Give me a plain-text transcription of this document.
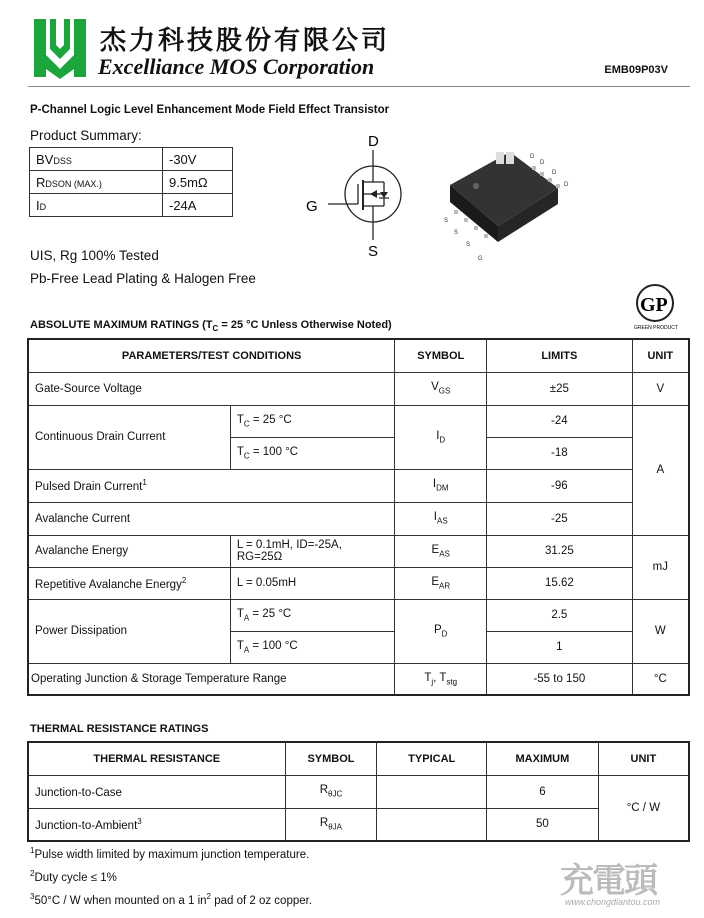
杰力科技股份有限公司
Excelliance MOS Corporation	EMB09P03V
P-Channel Logic Level Enhancement Mode Field Effect Transistor
Product Summary:
BVDSS	-30V
RDSON (MAX.)	9.5mΩ
ID	-24A
D
G
S
D
D
D
D
S
S
S
G
UIS, Rg 100% Tested
Pb-Free Lead Plating & Halogen Free
GP
GREEN PRODUCT
ABSOLUTE MAXIMUM RATINGS ($T_C = 25$ °C Unless Otherwise Noted)
PARAMETERS/TEST CONDITIONS		SYMBOL	LIMITS	UNIT
Gate-Source Voltage		$V_{GS}$	±25	V
Continuous Drain Current	$T_C = 25$ °C	$I_D$	-24	A
	$T_C = 100$ °C		-18	
Pulsed Drain Current$^1$		$I_{DM}$	-96	
Avalanche Current		$I_{AS}$	-25	
Avalanche Energy	L = 0.1mH, ID=-25A, RG=25Ω	$E_{AS}$	31.25	mJ
Repetitive Avalanche Energy$^2$	L = 0.05mH	$E_{AR}$	15.62	
Power Dissipation	$T_A = 25$ °C	$P_D$	2.5	W
	$T_A = 100$ °C		1	
Operating Junction & Storage Temperature Range		$T_j$, $T_{stg}$	-55 to 150	°C
THERMAL RESISTANCE RATINGS
THERMAL RESISTANCE	SYMBOL	TYPICAL	MAXIMUM	UNIT
Junction-to-Case	$R_{\theta JC}$		6	°C / W
Junction-to-Ambient$^3$	$R_{\theta JA}$		50	
$^1$Pulse width limited by maximum junction temperature.
$^2$Duty cycle ≤ 1%
$^3$50°C / W when mounted on a 1 $in^2$ pad of 2 oz copper.
充電頭
www.chongdiantou.com
